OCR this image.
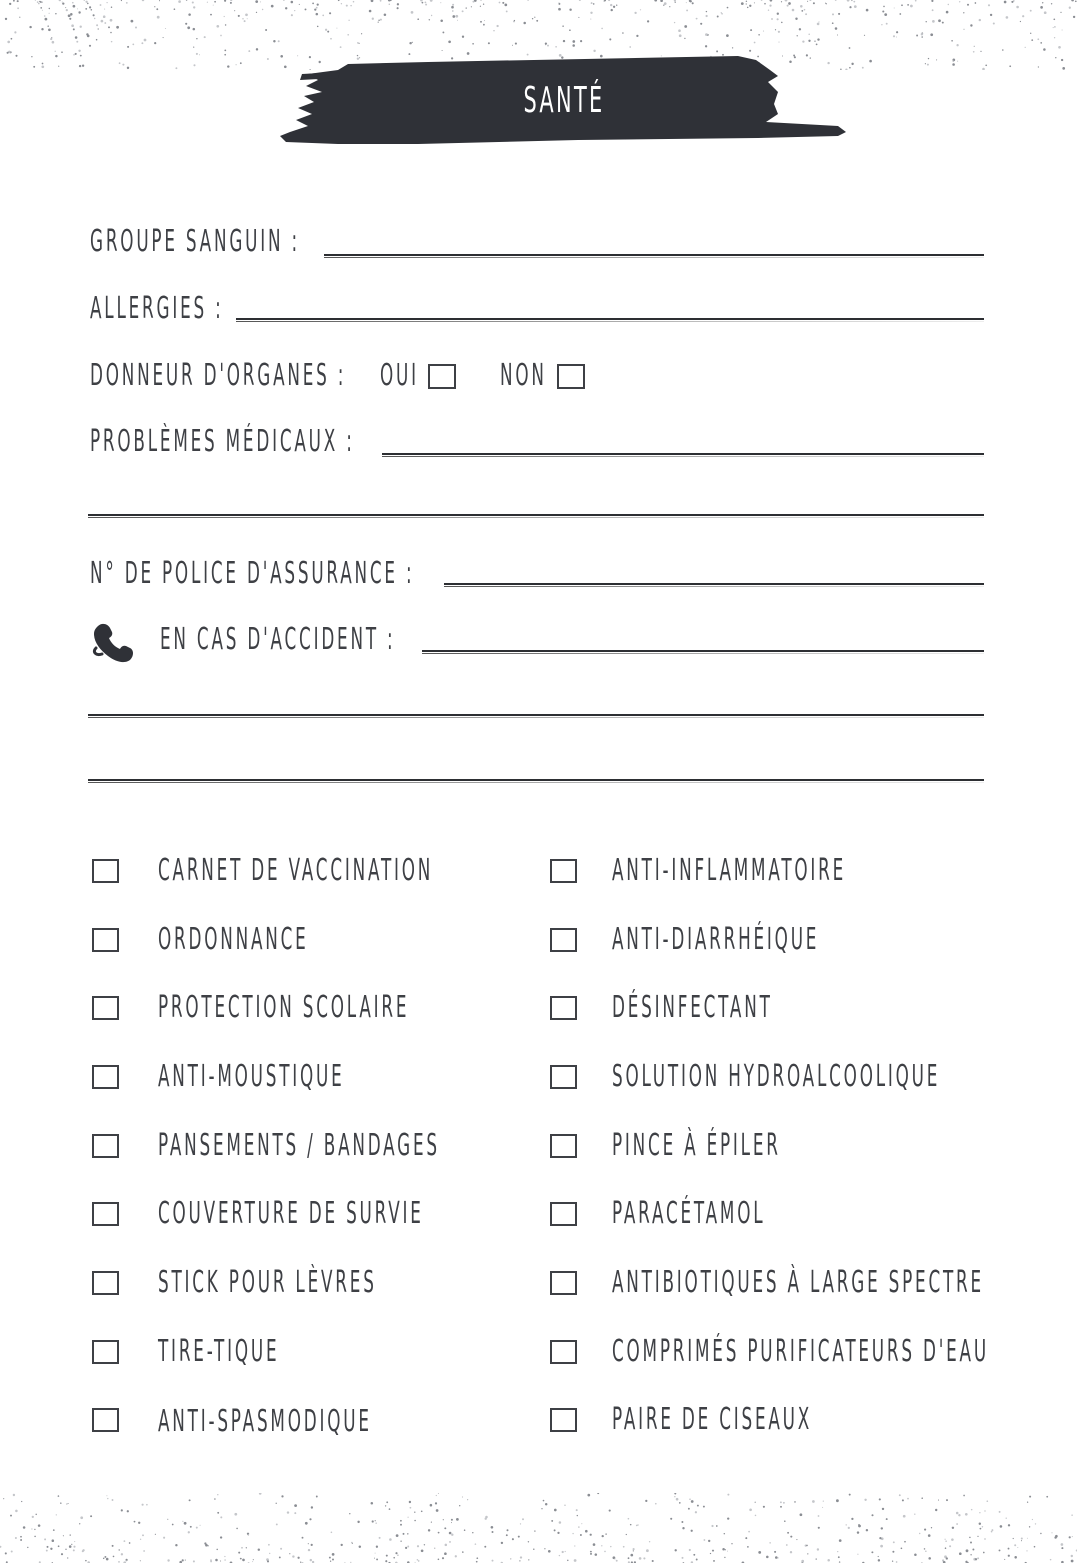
SANTÉ
GROUPE SANGUIN :
ALLERGIES :
DONNEUR D'ORGANES : OUI	NON
PROBLÈMES MÉDICAUX :
N° DE POLICE D'ASSURANCE :
EN CAS D'ACCIDENT :
CARNET DE VACCINATION
ORDONNANCE
PROTECTION SCOLAIRE
ANTI-MOUSTIQUE
PANSEMENTS / BANDAGES
COUVERTURE DE SURVIE
STICK POUR LÈVRES
TIRE-TIQUE
ANTI-SPASMODIQUE
ANTI-INFLAMMATOIRE
ANTI-DIARRHÉIQUE
DÉSINFECTANT
SOLUTION HYDROALCOOLIQUE
PINCE À ÉPILER
PARACÉTAMOL
ANTIBIOTIQUES À LARGE SPECTRE
COMPRIMÉS PURIFICATEURS D'EAU
PAIRE DE CISEAUX
